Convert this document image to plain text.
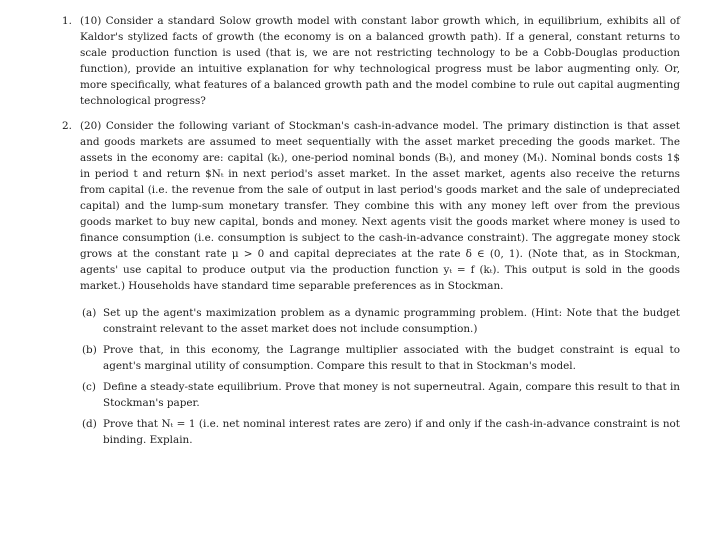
1. (10) Consider a standard Solow growth model with constant labor growth which, in equilibrium, exhibits all of Kaldor's stylized facts of growth (the economy is on a balanced growth path). If a general, constant returns to scale production function is used (that is, we are not restricting technology to be a Cobb-Douglas production function), provide an intuitive explanation for why technological progress must be labor augmenting only. Or, more specifically, what features of a balanced growth path and the model combine to rule out capital augmenting technological progress?
2. (20) Consider the following variant of Stockman's cash-in-advance model. The primary distinction is that asset and goods markets are assumed to meet sequentially with the asset market preceding the goods market. The assets in the economy are: capital (kₜ), one-period nominal bonds (Bₜ), and money (Mₜ). Nominal bonds costs 1$ in period t and return $Nₜ in next period's asset market. In the asset market, agents also receive the returns from capital (i.e. the revenue from the sale of output in last period's goods market and the sale of undepreciated capital) and the lump-sum monetary transfer. They combine this with any money left over from the previous goods market to buy new capital, bonds and money. Next agents visit the goods market where money is used to finance consumption (i.e. consumption is subject to the cash-in-advance constraint). The aggregate money stock grows at the constant rate μ > 0 and capital depreciates at the rate δ ∈ (0, 1). (Note that, as in Stockman, agents' use capital to produce output via the production function yₜ = f (kₜ). This output is sold in the goods market.) Households have standard time separable preferences as in Stockman.
(a) Set up the agent's maximization problem as a dynamic programming problem. (Hint: Note that the budget constraint relevant to the asset market does not include consumption.)
(b) Prove that, in this economy, the Lagrange multiplier associated with the budget constraint is equal to agent's marginal utility of consumption. Compare this result to that in Stockman's model.
(c) Define a steady-state equilibrium. Prove that money is not superneutral. Again, compare this result to that in Stockman's paper.
(d) Prove that Nₜ = 1 (i.e. net nominal interest rates are zero) if and only if the cash-in-advance constraint is not binding. Explain.
